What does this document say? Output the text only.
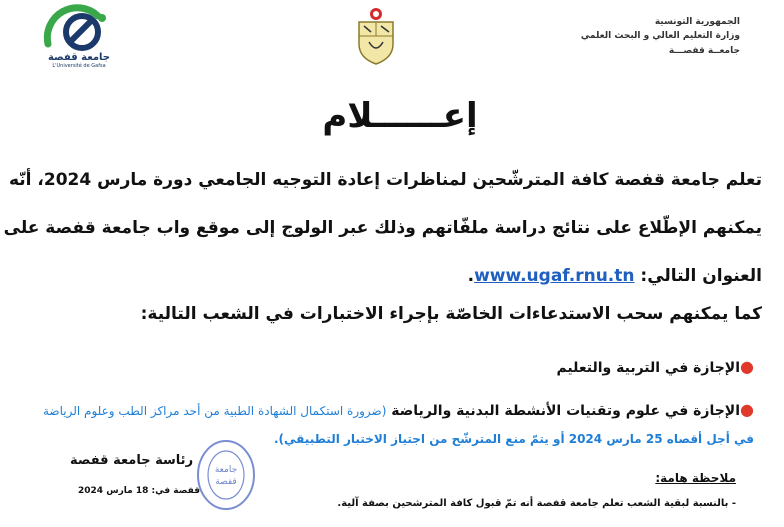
جامعة قفصة
L'Université de Gafsa
الجمهورية التونسية
وزارة التعليم العالي و البحث العلمي
جامعــة قفصـــة
إعــــــلام
تعلم جامعة قفصة كافة المترشّحين لمناظرات إعادة التوجيه الجامعي دورة مارس 2024، أنّه
يمكنهم الإطّلاع على نتائج دراسة ملفّاتهم وذلك عبر الولوج إلى موقع واب جامعة قفصة على
العنوان التالي: www.ugaf.rnu.tn.
كما يمكنهم سحب الاستدعاءات الخاصّة بإجراء الاختبارات في الشعب التالية:
●الإجازة في التربية والتعليم
●الإجازة في علوم وتقنيات الأنشطة البدنية والرياضة (ضرورة استكمال الشهادة الطبية من أحد مراكز الطب وعلوم الرياضة
في أجل أقصاه 25 مارس 2024 أو يتمّ منع المترشّح من اجتياز الاختبار التطبيقي).
رئاسة جامعة قفصة
قفصة في: 18 مارس 2024
جامعة
قفصة	ملاحظة هامة:
- بالنسبة لبقية الشعب تعلم جامعة قفصة أنه تمّ قبول كافة المترشحين بصفة آلية.
